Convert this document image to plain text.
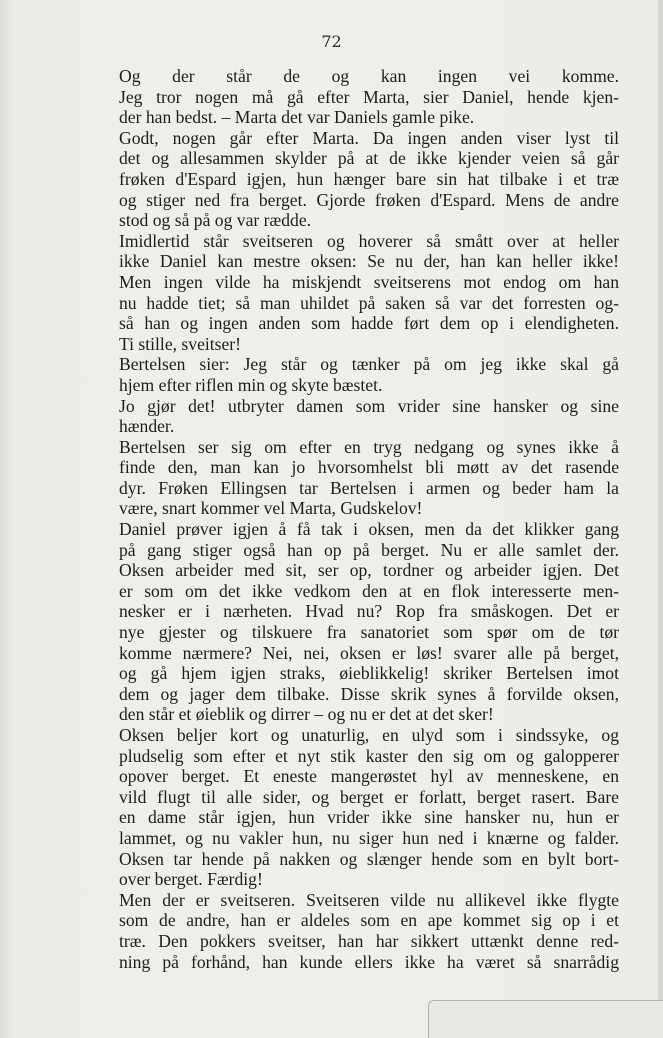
72
Og der står de og kan ingen vei komme.
Jeg tror nogen må gå efter Marta, sier Daniel, hende kjen-
der han bedst. – Marta det var Daniels gamle pike.
Godt, nogen går efter Marta. Da ingen anden viser lyst til
det og allesammen skylder på at de ikke kjender veien så går
frøken d'Espard igjen, hun hænger bare sin hat tilbake i et træ
og stiger ned fra berget. Gjorde frøken d'Espard. Mens de andre
stod og så på og var rædde.
Imidlertid står sveitseren og hoverer så smått over at heller
ikke Daniel kan mestre oksen: Se nu der, han kan heller ikke!
Men ingen vilde ha miskjendt sveitserens mot endog om han
nu hadde tiet; så man uhildet på saken så var det forresten og-
så han og ingen anden som hadde ført dem op i elendigheten.
Ti stille, sveitser!
Bertelsen sier: Jeg står og tænker på om jeg ikke skal gå
hjem efter riflen min og skyte bæstet.
Jo gjør det! utbryter damen som vrider sine hansker og sine
hænder.
Bertelsen ser sig om efter en tryg nedgang og synes ikke å
finde den, man kan jo hvorsomhelst bli møtt av det rasende
dyr. Frøken Ellingsen tar Bertelsen i armen og beder ham la
være, snart kommer vel Marta, Gudskelov!
Daniel prøver igjen å få tak i oksen, men da det klikker gang
på gang stiger også han op på berget. Nu er alle samlet der.
Oksen arbeider med sit, ser op, tordner og arbeider igjen. Det
er som om det ikke vedkom den at en flok interesserte men-
nesker er i nærheten. Hvad nu? Rop fra småskogen. Det er
nye gjester og tilskuere fra sanatoriet som spør om de tør
komme nærmere? Nei, nei, oksen er løs! svarer alle på berget,
og gå hjem igjen straks, øieblikkelig! skriker Bertelsen imot
dem og jager dem tilbake. Disse skrik synes å forvilde oksen,
den står et øieblik og dirrer – og nu er det at det sker!
Oksen beljer kort og unaturlig, en ulyd som i sindssyke, og
pludselig som efter et nyt stik kaster den sig om og galopperer
opover berget. Et eneste mangerøstet hyl av menneskene, en
vild flugt til alle sider, og berget er forlatt, berget rasert. Bare
en dame står igjen, hun vrider ikke sine hansker nu, hun er
lammet, og nu vakler hun, nu siger hun ned i knærne og falder.
Oksen tar hende på nakken og slænger hende som en bylt bort-
over berget. Færdig!
Men der er sveitseren. Sveitseren vilde nu allikevel ikke flygte
som de andre, han er aldeles som en ape kommet sig op i et
træ. Den pokkers sveitser, han har sikkert uttænkt denne red-
ning på forhånd, han kunde ellers ikke ha været så snarrådig
